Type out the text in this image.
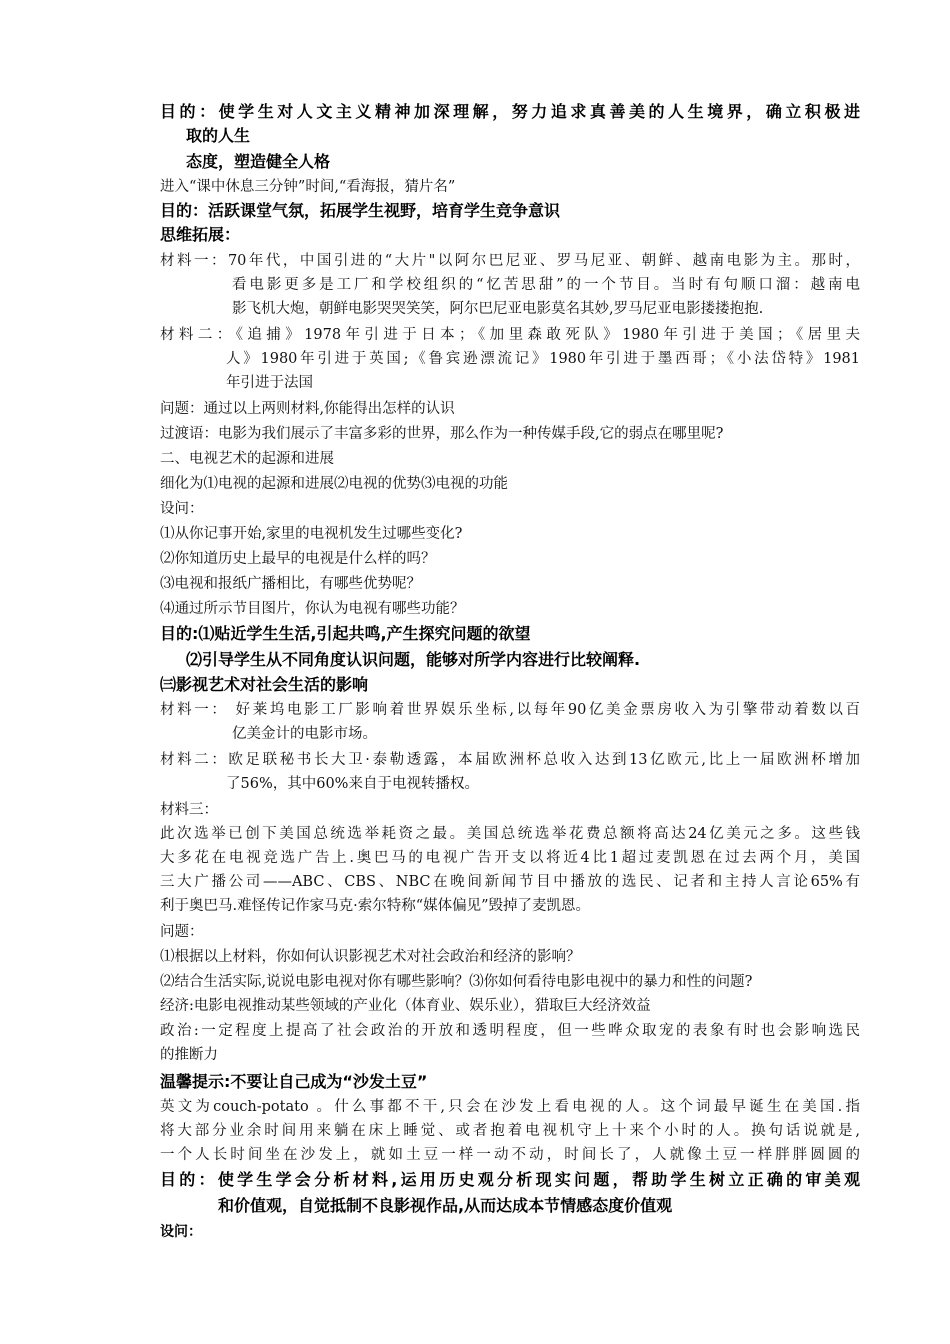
目的：使学生对人文主义精神加深理解，努力追求真善美的人生境界，确立积极进
取的人生
态度，塑造健全人格
进入“课中休息三分钟”时间,“看海报，猜片名”
目的：活跃课堂气氛，拓展学生视野，培育学生竞争意识
思维拓展：
材料一：70年代，中国引进的“大片"以阿尔巴尼亚、罗马尼亚、朝鲜、越南电影为主。那时，
看电影更多是工厂和学校组织的“忆苦思甜”的一个节目。当时有句顺口溜：越南电
影飞机大炮，朝鲜电影哭哭笑笑，阿尔巴尼亚电影莫名其妙,罗马尼亚电影搂搂抱抱.
材料二：《追捕》1978年引进于日本；《加里森敢死队》1980年引进于美国；《居里夫
人》1980年引进于英国;《鲁宾逊漂流记》1980年引进于墨西哥；《小法岱特》1981
年引进于法国
问题：通过以上两则材料,你能得出怎样的认识
过渡语：电影为我们展示了丰富多彩的世界，那么作为一种传媒手段,它的弱点在哪里呢?
二、电视艺术的起源和进展
细化为⑴电视的起源和进展⑵电视的优势⑶电视的功能
设问：
⑴从你记事开始,家里的电视机发生过哪些变化?
⑵你知道历史上最早的电视是什么样的吗？
⑶电视和报纸广播相比，有哪些优势呢？
⑷通过所示节目图片，你认为电视有哪些功能？
目的:⑴贴近学生生活,引起共鸣,产生探究问题的欲望
⑵引导学生从不同角度认识问题，能够对所学内容进行比较阐释.
㈢影视艺术对社会生活的影响
材料一： 好莱坞电影工厂影响着世界娱乐坐标,以每年90亿美金票房收入为引擎带动着数以百
亿美金计的电影市场。
材料二：欧足联秘书长大卫·泰勒透露，本届欧洲杯总收入达到13亿欧元,比上一届欧洲杯增加
了56%，其中60%来自于电视转播权。
材料三：
此次选举已创下美国总统选举耗资之最。美国总统选举花费总额将高达24亿美元之多。这些钱
大多花在电视竞选广告上.奥巴马的电视广告开支以将近4比1超过麦凯恩在过去两个月，美国
三大广播公司——ABC、CBS、NBC在晚间新闻节目中播放的选民、记者和主持人言论65%有
利于奥巴马.难怪传记作家马克·索尔特称“媒体偏见”毁掉了麦凯恩。
问题：
⑴根据以上材料，你如何认识影视艺术对社会政治和经济的影响？
⑵结合生活实际,说说电影电视对你有哪些影响？⑶你如何看待电影电视中的暴力和性的问题?
经济:电影电视推动某些领域的产业化（体育业、娱乐业），猎取巨大经济效益
政治:一定程度上提高了社会政治的开放和透明程度，但一些哗众取宠的表象有时也会影响选民
的推断力
温馨提示:不要让自己成为“沙发土豆”
英文为couch-potato 。什么事都不干,只会在沙发上看电视的人。这个词最早诞生在美国.指
将大部分业余时间用来躺在床上睡觉、或者抱着电视机守上十来个小时的人。换句话说就是,
一个人长时间坐在沙发上，就如土豆一样一动不动，时间长了，人就像土豆一样胖胖圆圆的
目的：使学生学会分析材料,运用历史观分析现实问题，帮助学生树立正确的审美观
和价值观，自觉抵制不良影视作品,从而达成本节情感态度价值观
设问：
